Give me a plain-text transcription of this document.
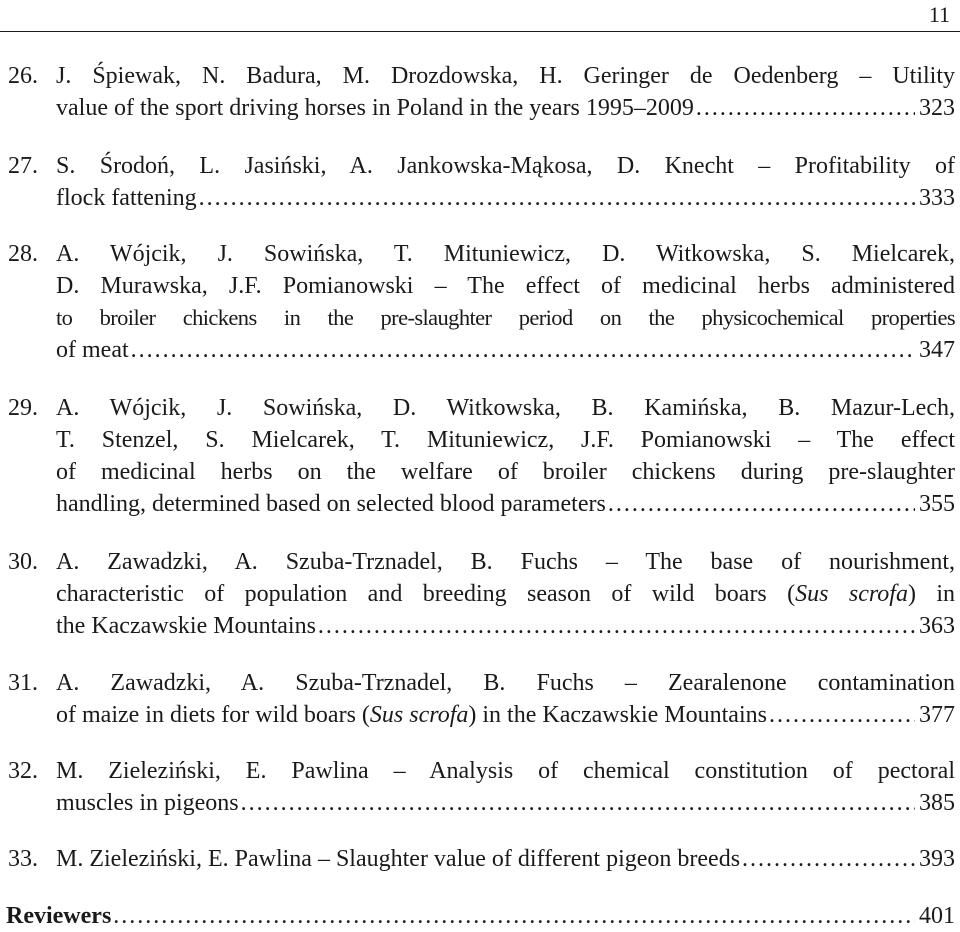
11
26. J. Śpiewak, N. Badura, M. Drozdowska, H. Geringer de Oedenberg – Utility
value of the sport driving horses in Poland in the years 1995–2009 . . .	323
27. S. Środoń, L. Jasiński, A. Jankowska-Mąkosa, D. Knecht – Profitability of
flock fattening . . .	333
28. A. Wójcik, J. Sowińska, T. Mituniewicz, D. Witkowska, S. Mielcarek,
D. Murawska, J.F. Pomianowski – The effect of medicinal herbs administered
to broiler chickens in the pre-slaughter period on the physicochemical properties
of meat . . .	347
29. A. Wójcik, J. Sowińska, D. Witkowska, B. Kamińska, B. Mazur-Lech,
T. Stenzel, S. Mielcarek, T. Mituniewicz, J.F. Pomianowski – The effect
of medicinal herbs on the welfare of broiler chickens during pre-slaughter
handling, determined based on selected blood parameters . . .	355
30. A. Zawadzki, A. Szuba-Trznadel, B. Fuchs – The base of nourishment,
characteristic of population and breeding season of wild boars (Sus scrofa) in
the Kaczawskie Mountains . . .	363
31. A. Zawadzki, A. Szuba-Trznadel, B. Fuchs – Zearalenone contamination
of maize in diets for wild boars (Sus scrofa) in the Kaczawskie Mountains . . .	377
32. M. Zieleziński, E. Pawlina – Analysis of chemical constitution of pectoral
muscles in pigeons . . .	385
33. M. Zieleziński, E. Pawlina – Slaughter value of different pigeon breeds . . .	393
Reviewers . . .	401
